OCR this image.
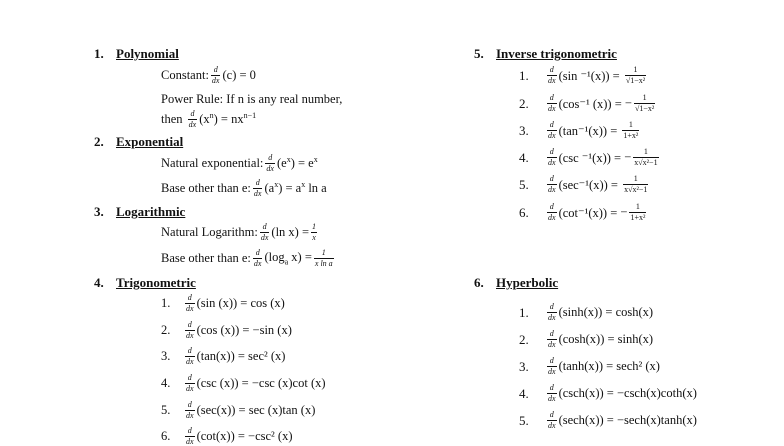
1. Polynomial
Constant: $\frac{d}{dx} (c) = 0$
Power Rule: If n is any real number,
then
$\frac{d}{dx} (x^n) = nx^{n-1}$
2. Exponential
Natural exponential: $\frac{d}{dx} (e^x) = e^x$
Base other than e: $\frac{d}{dx} (a^x) = a^x$ ln a
3. Logarithmic
Natural Logarithm: $\frac{d}{dx} (\ln$ $x) = \frac{1}{x}$
Base other than e: $\frac{d}{dx} (\log_a$ $x) = \frac{1}{\text{x ln a}}$
4. Trigonometric
1.	$\frac{d}{dx} (\sin$ (x)) = cos (x)
2.	$\frac{d}{dx} (\cos$ (x)) = −sin (x)
3.	$\frac{d}{dx} (\tan(x)) = \sec^2$ (x)
4.	$\frac{d}{dx} (\csc$ (x)) = −csc (x)cot (x)
5.	$\frac{d}{dx} (\sec(x)) = \sec (x)\tan$ (x)
6.	$\frac{d}{dx} (\cot(x)) = -\csc^2$ (x)
5. Inverse trigonometric
1.	$\frac{d}{dx} (\sin$ ⁻¹(x)) =
$\frac{1}{\text{√1−x²}}$
2.	$\frac{d}{dx} (\cos^{-1}$ (x)) =
− $\frac{1}{\text{√1−x²}}$
3.	$\frac{d}{dx} (\tan^{-1}(x))$ =
$\frac{1}{\text{1+x²}}$
4.	$\frac{d}{dx} (\csc$ ⁻¹(x)) =
− $\frac{1}{\text{x√x²−1}}$
5.	$\frac{d}{dx} (\sec^{-1}(x))$ =
$\frac{1}{\text{x√x²−1}}$
6.	$\frac{d}{dx} (\cot^{-1}(x))$ =
− $\frac{1}{\text{1+x²}}$
6. Hyperbolic
1.	$\frac{d}{dx} (\sinh(x)) = \cosh(x)$
2.	$\frac{d}{dx} (\cosh(x)) = \sinh(x)$
3.	$\frac{d}{dx} (\tanh(x)) = \sec h^2$ (x)
4.	$\frac{d}{dx} (\csc h(x)) = -\csc h(x)\cot h(x)$
5.	$\frac{d}{dx} (\sec h(x)) = -\sec h(x)\tanh(x)$
